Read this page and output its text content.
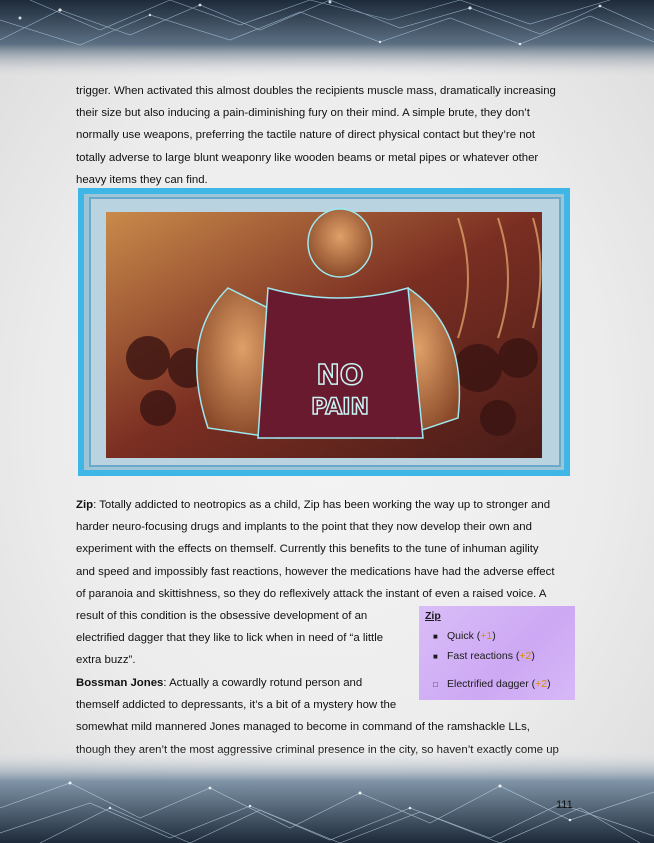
trigger. When activated this almost doubles the recipients muscle mass, dramatically increasing

their size but also inducing a pain-diminishing fury on their mind. A simple brute, they don’t

normally use weapons, preferring the tactile nature of direct physical contact but they’re not

totally adverse to large blunt weaponry like wooden beams or metal pipes or whatever other

heavy items they can find.

NO
PAIN

Zip: Totally addicted to neotropics as a child, Zip has been working the way up to stronger and

harder neuro-focusing drugs and implants to the point that they now develop their own and

experiment with the effects on themself. Currently this benefits to the tune of inhuman agility

and speed and impossibly fast reactions, however the medications have had the adverse effect

of paranoia and skittishness, so they do reflexively attack the instant of even a raised voice. A

result of this condition is the obsessive development of an

electrified dagger that they like to lick when in need of “a little

extra buzz”.

Zip
■ Quick (+1)
■ Fast reactions (+2)
□ Electrified dagger (+2)

Bossman Jones: Actually a cowardly rotund person and

themself addicted to depressants, it’s a bit of a mystery how the

somewhat mild mannered Jones managed to become in command of the ramshackle LLs,

111
